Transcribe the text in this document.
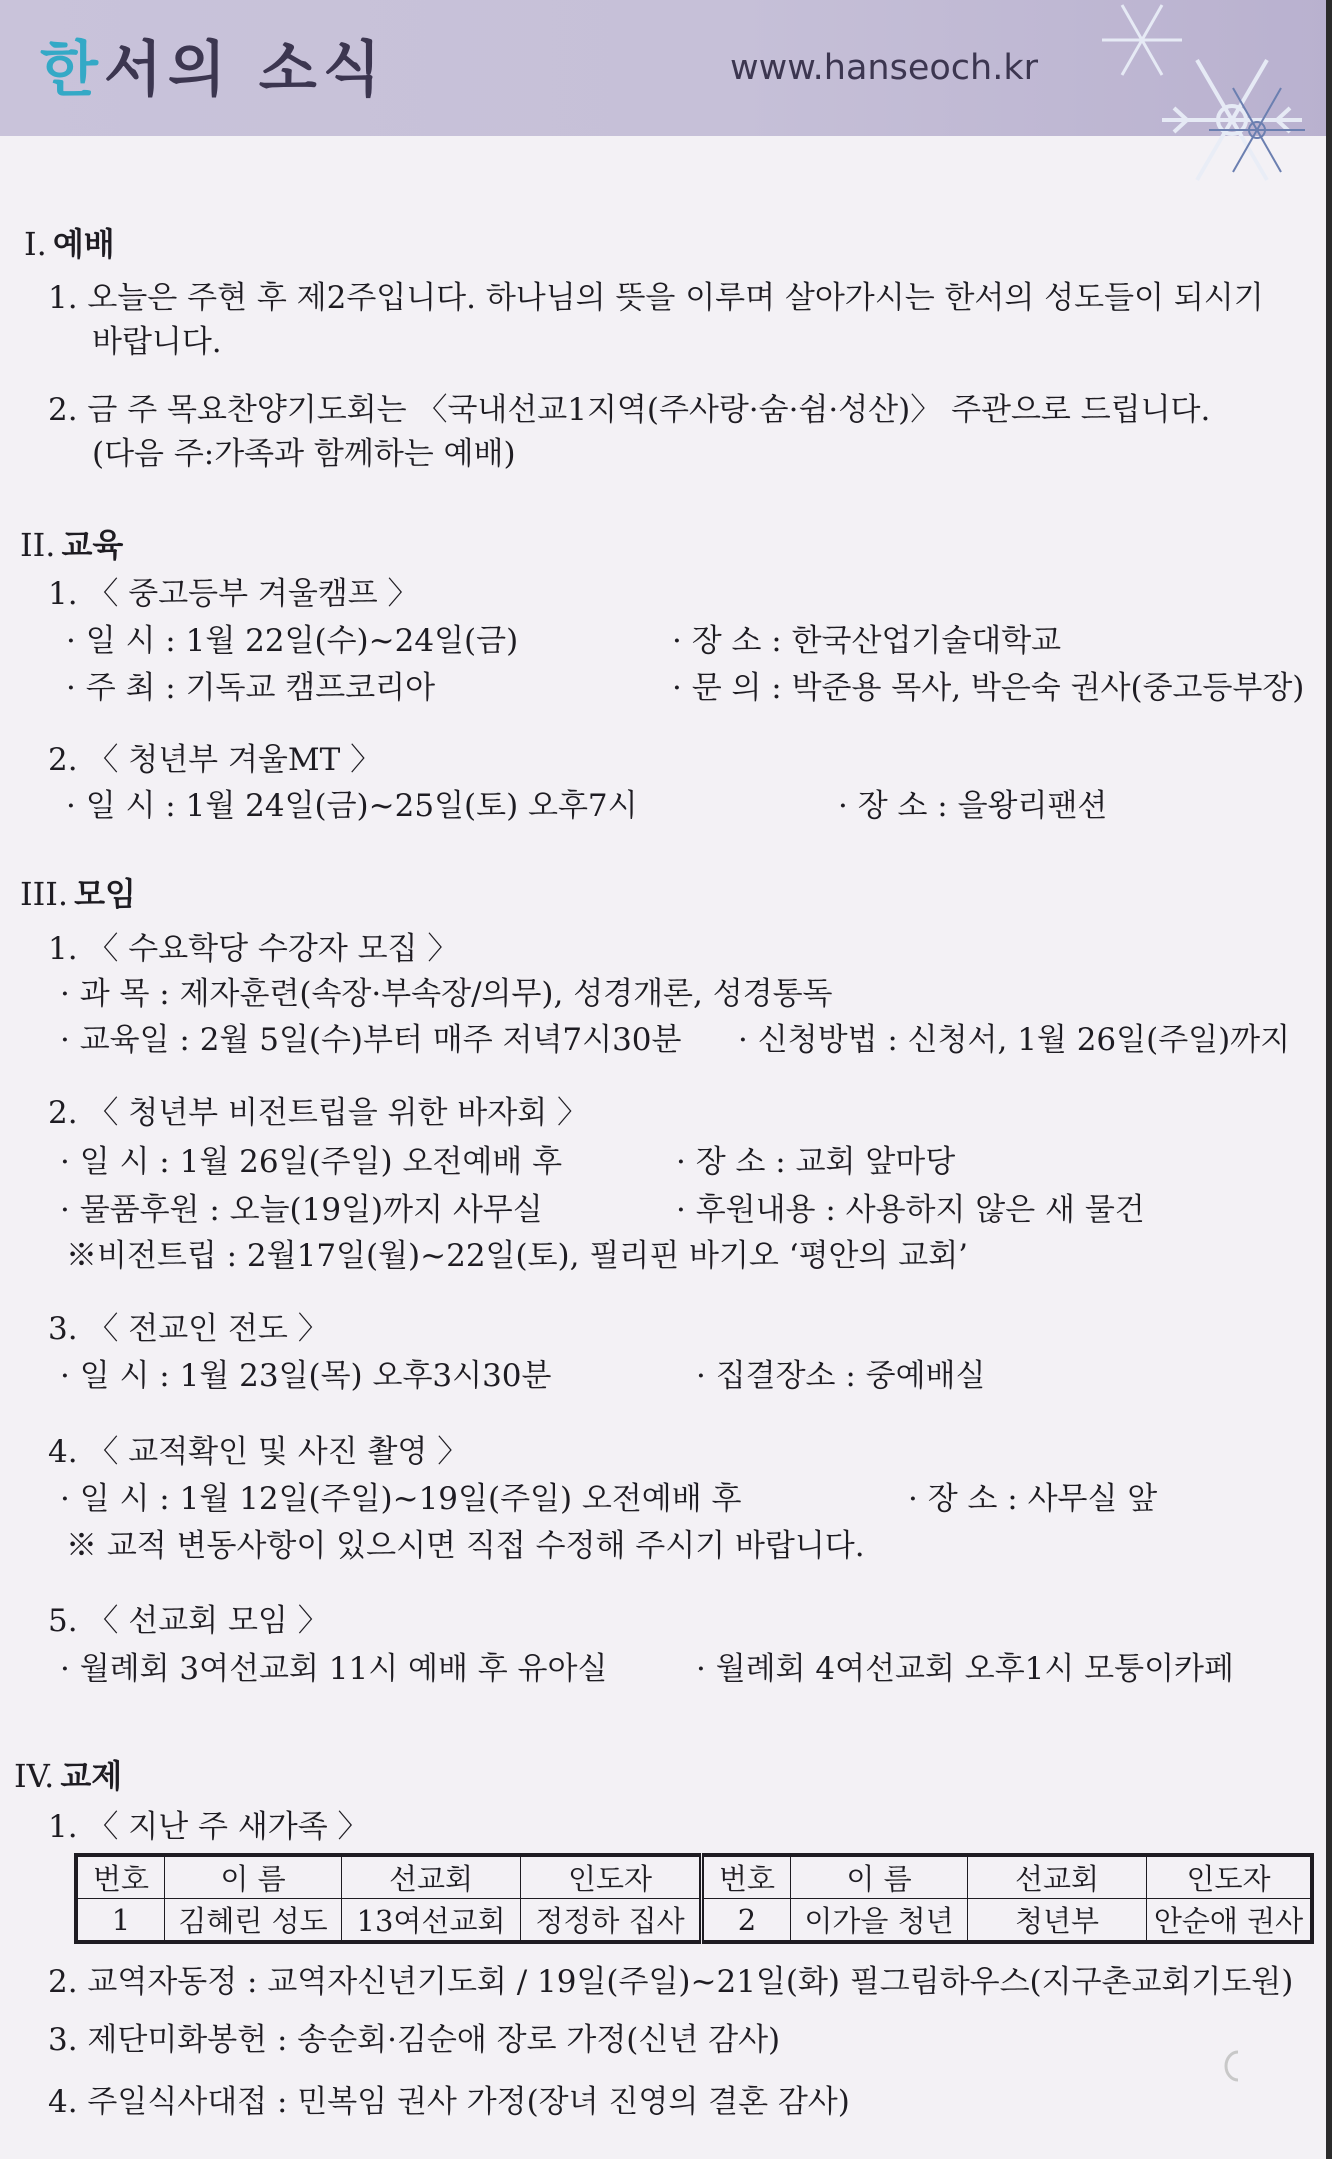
한서의 소식	www.hanseoch.kr
I. 예배
1. 오늘은 주현 후 제2주입니다. 하나님의 뜻을 이루며 살아가시는 한서의 성도들이 되시기
바랍니다.
2. 금 주 목요찬양기도회는 〈국내선교1지역(주사랑·숨·쉼·성산)〉 주관으로 드립니다.
(다음 주:가족과 함께하는 예배)
II. 교육
1. 〈 중고등부 겨울캠프 〉
· 일 시 : 1월 22일(수)~24일(금)	· 장 소 : 한국산업기술대학교
· 주 최 : 기독교 캠프코리아	· 문 의 : 박준용 목사, 박은숙 권사(중고등부장)
2. 〈 청년부 겨울MT 〉
· 일 시 : 1월 24일(금)~25일(토) 오후7시	· 장 소 : 을왕리팬션
III. 모임
1. 〈 수요학당 수강자 모집 〉
· 과 목 : 제자훈련(속장·부속장/의무), 성경개론, 성경통독
· 교육일 : 2월 5일(수)부터 매주 저녁7시30분 · 신청방법 : 신청서, 1월 26일(주일)까지
2. 〈 청년부 비전트립을 위한 바자회 〉
· 일 시 : 1월 26일(주일) 오전예배 후	· 장 소 : 교회 앞마당
· 물품후원 : 오늘(19일)까지 사무실	· 후원내용 : 사용하지 않은 새 물건
※비전트립 : 2월17일(월)~22일(토), 필리핀 바기오 ‘평안의 교회’
3. 〈 전교인 전도 〉
· 일 시 : 1월 23일(목) 오후3시30분	· 집결장소 : 중예배실
4. 〈 교적확인 및 사진 촬영 〉
· 일 시 : 1월 12일(주일)~19일(주일) 오전예배 후	· 장 소 : 사무실 앞
※ 교적 변동사항이 있으시면 직접 수정해 주시기 바랍니다.
5. 〈 선교회 모임 〉
· 월례회 3여선교회 11시 예배 후 유아실	· 월례회 4여선교회 오후1시 모퉁이카페
IV. 교제
1. 〈 지난 주 새가족 〉
번호	이 름	선교회	인도자	번호	이 름	선교회	인도자
1	김혜린 성도	13여선교회	정정하 집사	2	이가을 청년	청년부	안순애 권사
2. 교역자동정 : 교역자신년기도회 / 19일(주일)~21일(화) 필그림하우스(지구촌교회기도원)
3. 제단미화봉헌 : 송순회·김순애 장로 가정(신년 감사)
4. 주일식사대접 : 민복임 권사 가정(장녀 진영의 결혼 감사)
